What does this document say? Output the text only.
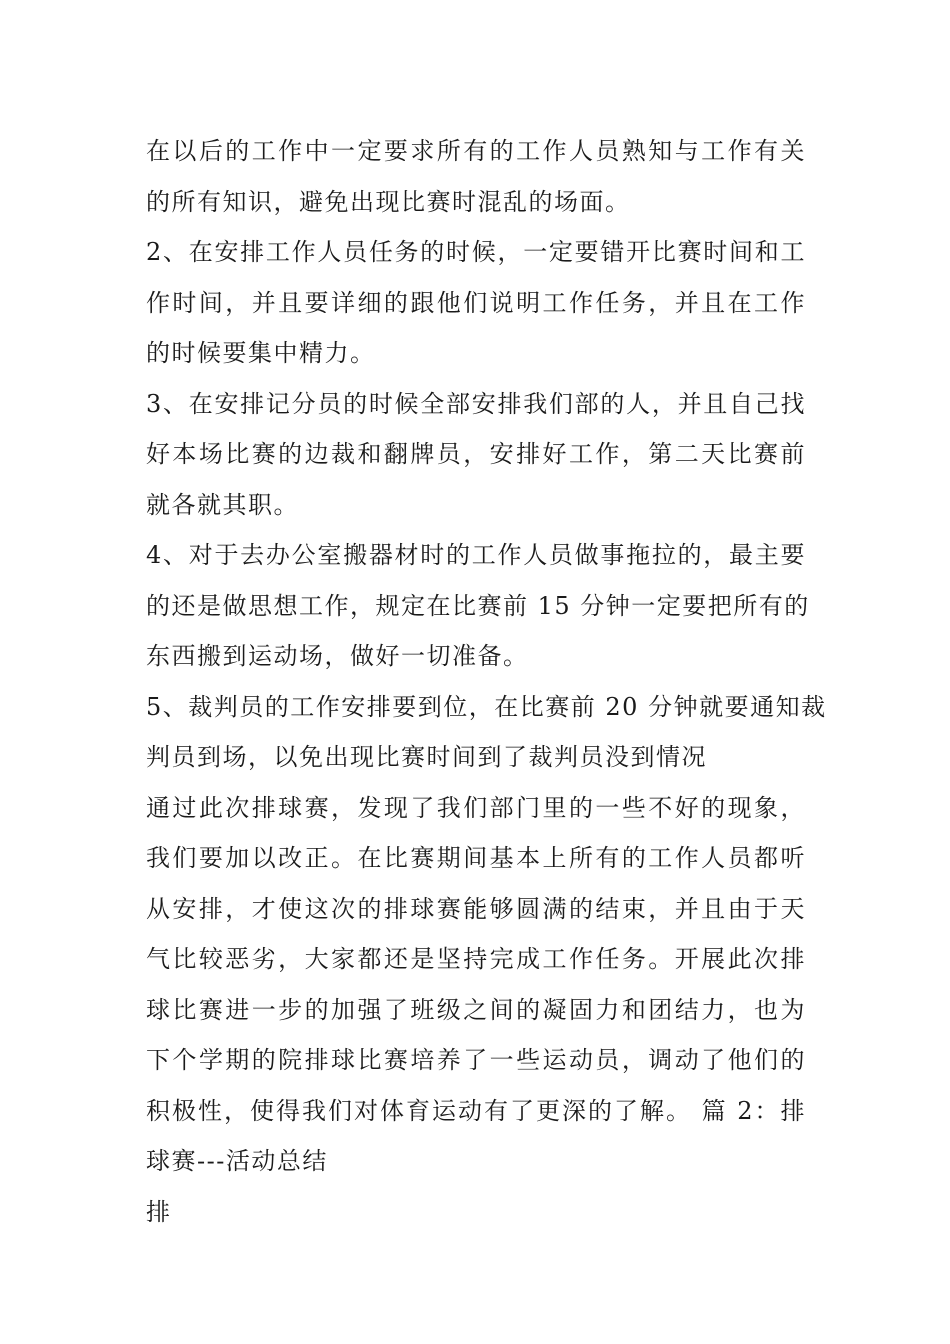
在以后的工作中一定要求所有的工作人员熟知与工作有关
的所有知识，避免出现比赛时混乱的场面。
2、在安排工作人员任务的时候，一定要错开比赛时间和工
作时间，并且要详细的跟他们说明工作任务，并且在工作
的时候要集中精力。
3、在安排记分员的时候全部安排我们部的人，并且自己找
好本场比赛的边裁和翻牌员，安排好工作，第二天比赛前
就各就其职。
4、对于去办公室搬器材时的工作人员做事拖拉的，最主要
的还是做思想工作，规定在比赛前 15 分钟一定要把所有的
东西搬到运动场，做好一切准备。
5、裁判员的工作安排要到位，在比赛前 20 分钟就要通知裁
判员到场，以免出现比赛时间到了裁判员没到情况
通过此次排球赛，发现了我们部门里的一些不好的现象，
我们要加以改正。在比赛期间基本上所有的工作人员都听
从安排，才使这次的排球赛能够圆满的结束，并且由于天
气比较恶劣，大家都还是坚持完成工作任务。开展此次排
球比赛进一步的加强了班级之间的凝固力和团结力，也为
下个学期的院排球比赛培养了一些运动员，调动了他们的
积极性，使得我们对体育运动有了更深的了解。 篇 2：排
球赛---活动总结
排
